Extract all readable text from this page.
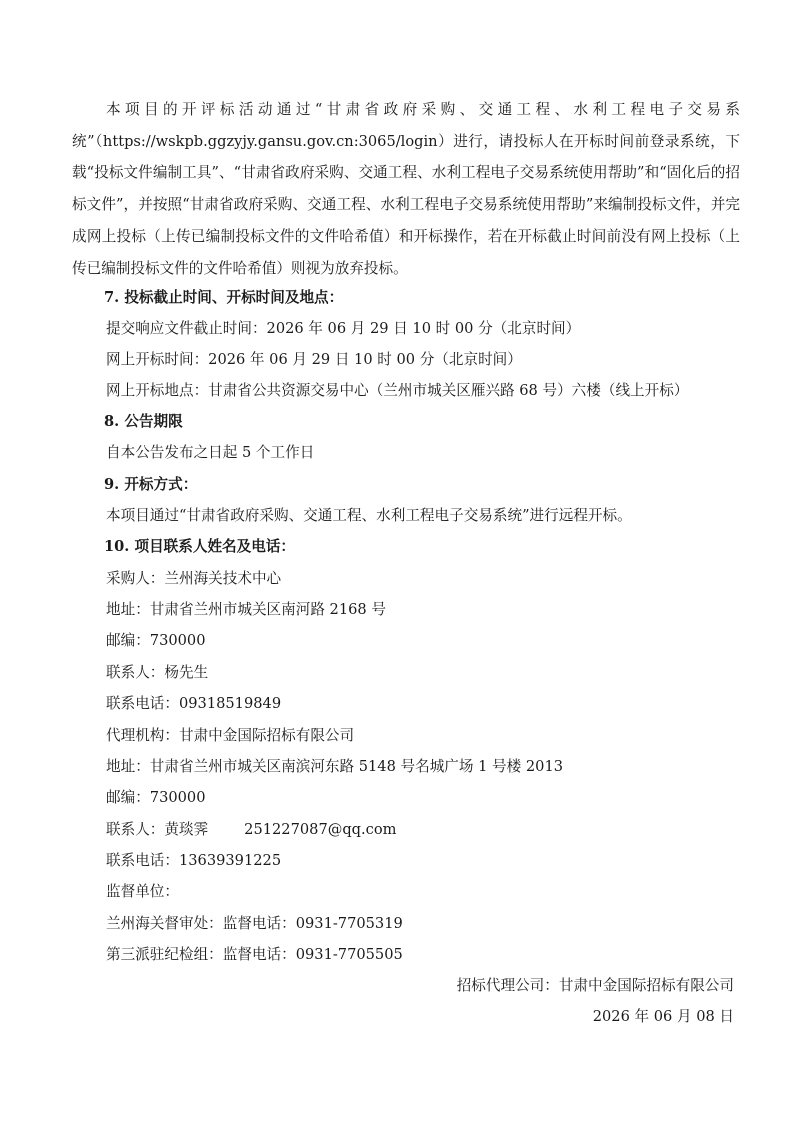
本项目的开评标活动通过“甘肃省政府采购、交通工程、水利工程电子交易系统”（https://wskpb.ggzyjy.gansu.gov.cn:3065/login）进行，请投标人在开标时间前登录系统，下载“投标文件编制工具”、“甘肃省政府采购、交通工程、水利工程电子交易系统使用帮助”和“固化后的招标文件”，并按照“甘肃省政府采购、交通工程、水利工程电子交易系统使用帮助”来编制投标文件，并完成网上投标（上传已编制投标文件的文件哈希值）和开标操作，若在开标截止时间前没有网上投标（上传已编制投标文件的文件哈希值）则视为放弃投标。

7. 投标截止时间、开标时间及地点：

提交响应文件截止时间：2026 年 06 月 29 日 10 时 00 分（北京时间）

网上开标时间：2026 年 06 月 29 日 10 时 00 分（北京时间）

网上开标地点：甘肃省公共资源交易中心（兰州市城关区雁兴路 68 号）六楼（线上开标）

8. 公告期限

自本公告发布之日起 5 个工作日

9. 开标方式：

本项目通过“甘肃省政府采购、交通工程、水利工程电子交易系统”进行远程开标。

10. 项目联系人姓名及电话：

采购人：兰州海关技术中心

地址：甘肃省兰州市城关区南河路 2168 号

邮编：730000

联系人：杨先生

联系电话：09318519849

代理机构：甘肃中金国际招标有限公司

地址：甘肃省兰州市城关区南滨河东路 5148 号名城广场 1 号楼 2013

邮编：730000

联系人：黄琰霁 251227087@qq.com

联系电话：13639391225

监督单位：

兰州海关督审处：监督电话：0931-7705319

第三派驻纪检组：监督电话：0931-7705505

招标代理公司：甘肃中金国际招标有限公司

2026 年 06 月 08 日
